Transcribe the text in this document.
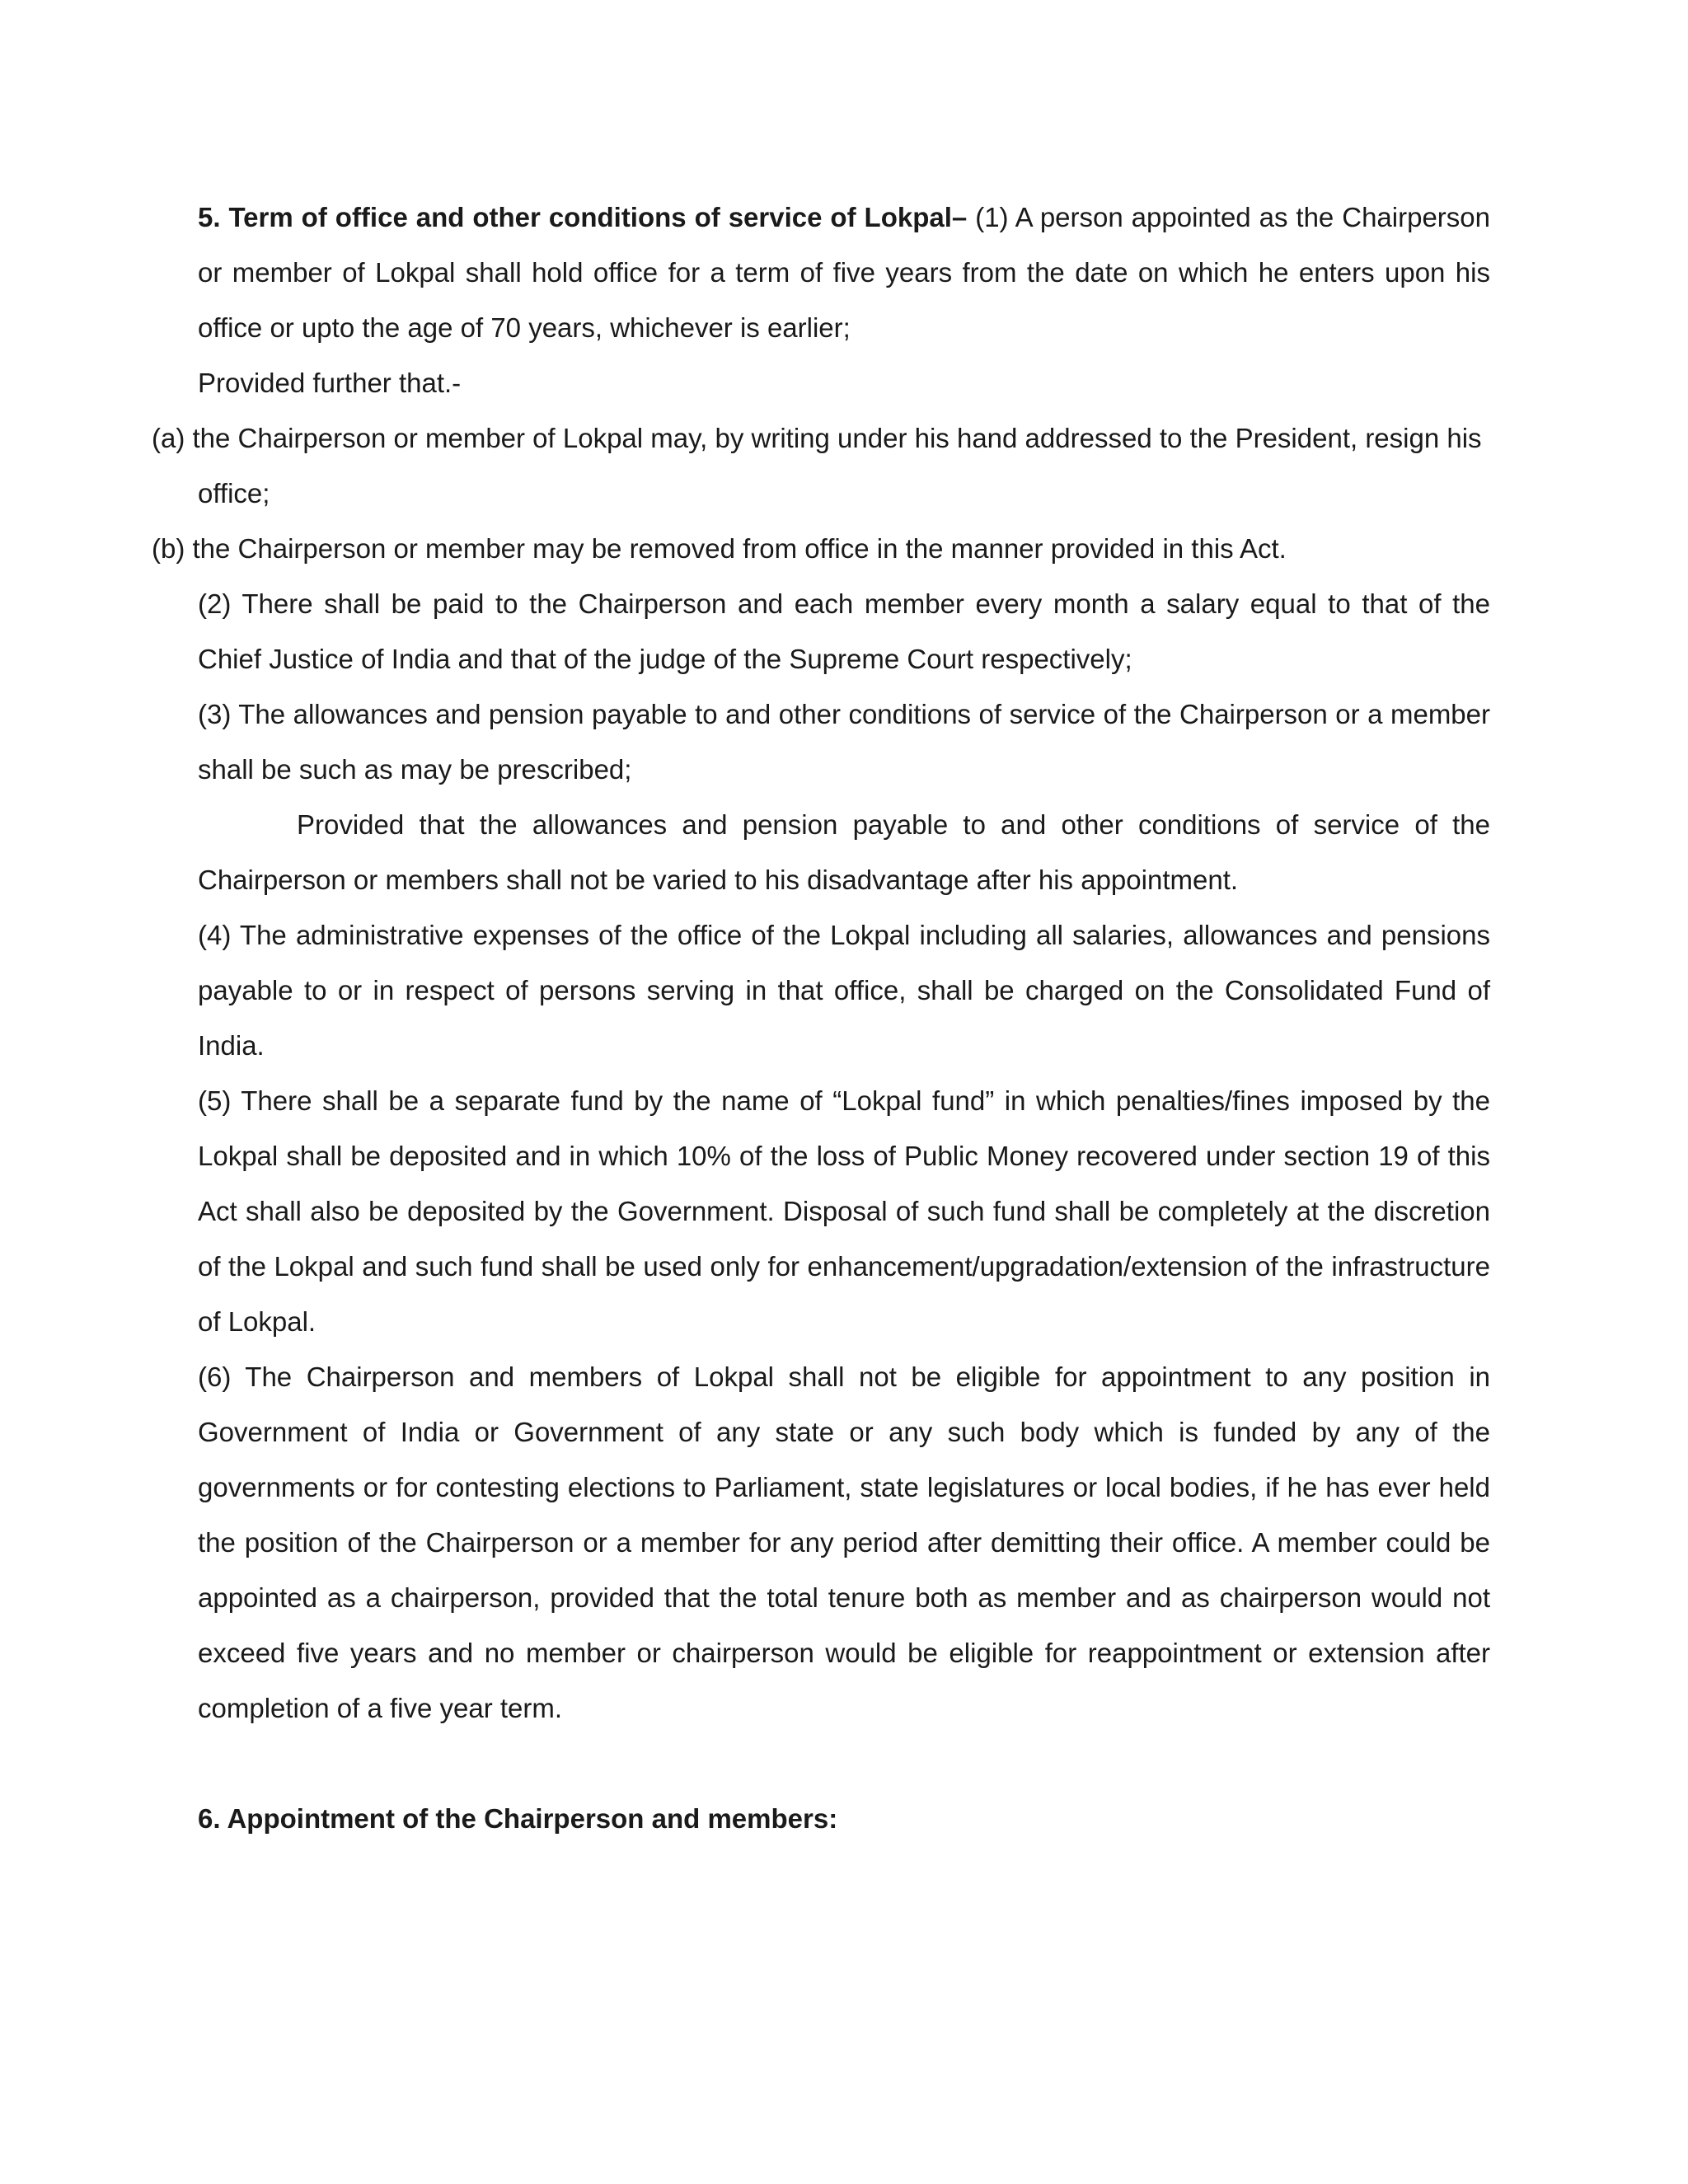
5. Term of office and other conditions of service of Lokpal– (1) A person appointed as the Chairperson or member of Lokpal shall hold office for a term of five years from the date on which he enters upon his office or upto the age of 70 years, whichever is earlier;

Provided further that.-

(a) the Chairperson or member of Lokpal may, by writing under his hand addressed to the President, resign his office;

(b) the Chairperson or member may be removed from office in the manner provided in this Act.

(2) There shall be paid to the Chairperson and each member every month a salary equal to that of the Chief Justice of India and that of the judge of the Supreme Court respectively;

(3) The allowances and pension payable to and other conditions of service of the Chairperson or a member shall be such as may be prescribed;

Provided that the allowances and pension payable to and other conditions of service of the Chairperson or members shall not be varied to his disadvantage after his appointment.

(4) The administrative expenses of the office of the Lokpal including all salaries, allowances and pensions payable to or in respect of persons serving in that office, shall be charged on the Consolidated Fund of India.

(5) There shall be a separate fund by the name of “Lokpal fund” in which penalties/fines imposed by the Lokpal shall be deposited and in which 10% of the loss of Public Money recovered under section 19 of this Act shall also be deposited by the Government. Disposal of such fund shall be completely at the discretion of the Lokpal and such fund shall be used only for enhancement/upgradation/extension of the infrastructure of Lokpal.

(6) The Chairperson and members of Lokpal shall not be eligible for appointment to any position in Government of India or Government of any state or any such body which is funded by any of the governments or for contesting elections to Parliament, state legislatures or local bodies, if he has ever held the position of the Chairperson or a member for any period after demitting their office. A member could be appointed as a chairperson, provided that the total tenure both as member and as chairperson would not exceed five years and no member or chairperson would be eligible for reappointment or extension after completion of a five year term.

6. Appointment of the Chairperson and members:
